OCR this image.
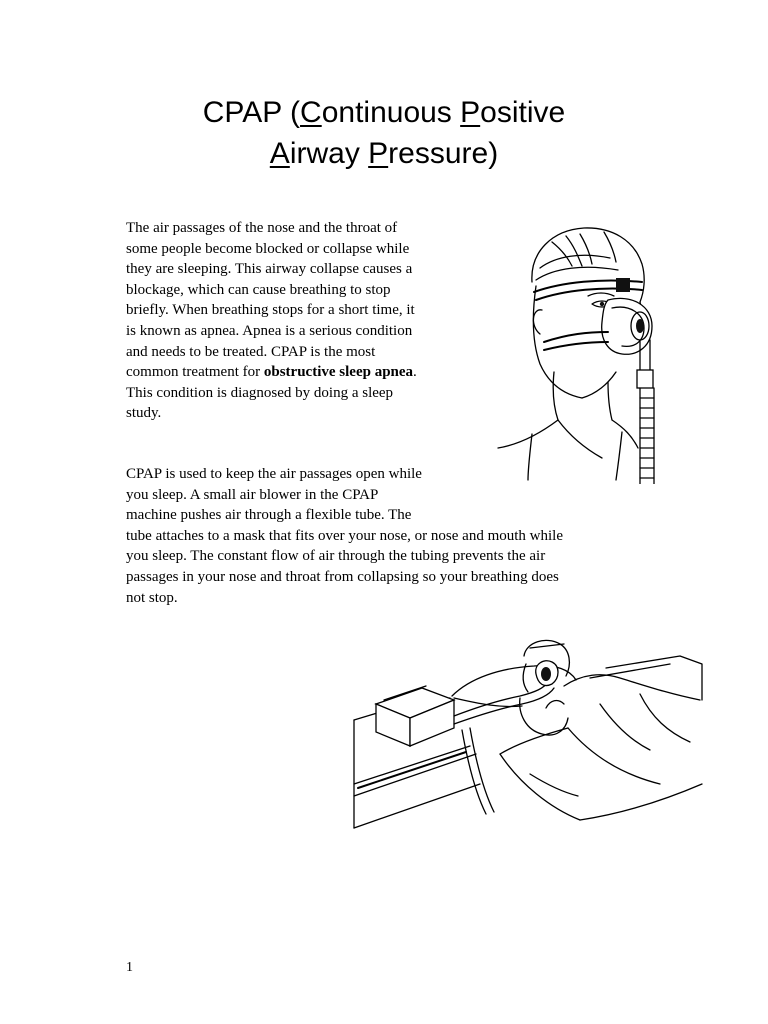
CPAP (Continuous Positive
Airway Pressure)
The air passages of the nose and the throat of
some people become blocked or collapse while
they are sleeping. This airway collapse causes a
blockage, which can cause breathing to stop
briefly. When breathing stops for a short time, it
is known as apnea. Apnea is a serious condition
and needs to be treated. CPAP is the most
common treatment for obstructive sleep apnea.
This condition is diagnosed by doing a sleep
study.
CPAP is used to keep the air passages open while
you sleep. A small air blower in the CPAP
machine pushes air through a flexible tube. The
tube attaches to a mask that fits over your nose, or nose and mouth while
you sleep. The constant flow of air through the tubing prevents the air
passages in your nose and throat from collapsing so your breathing does
not stop.
1
